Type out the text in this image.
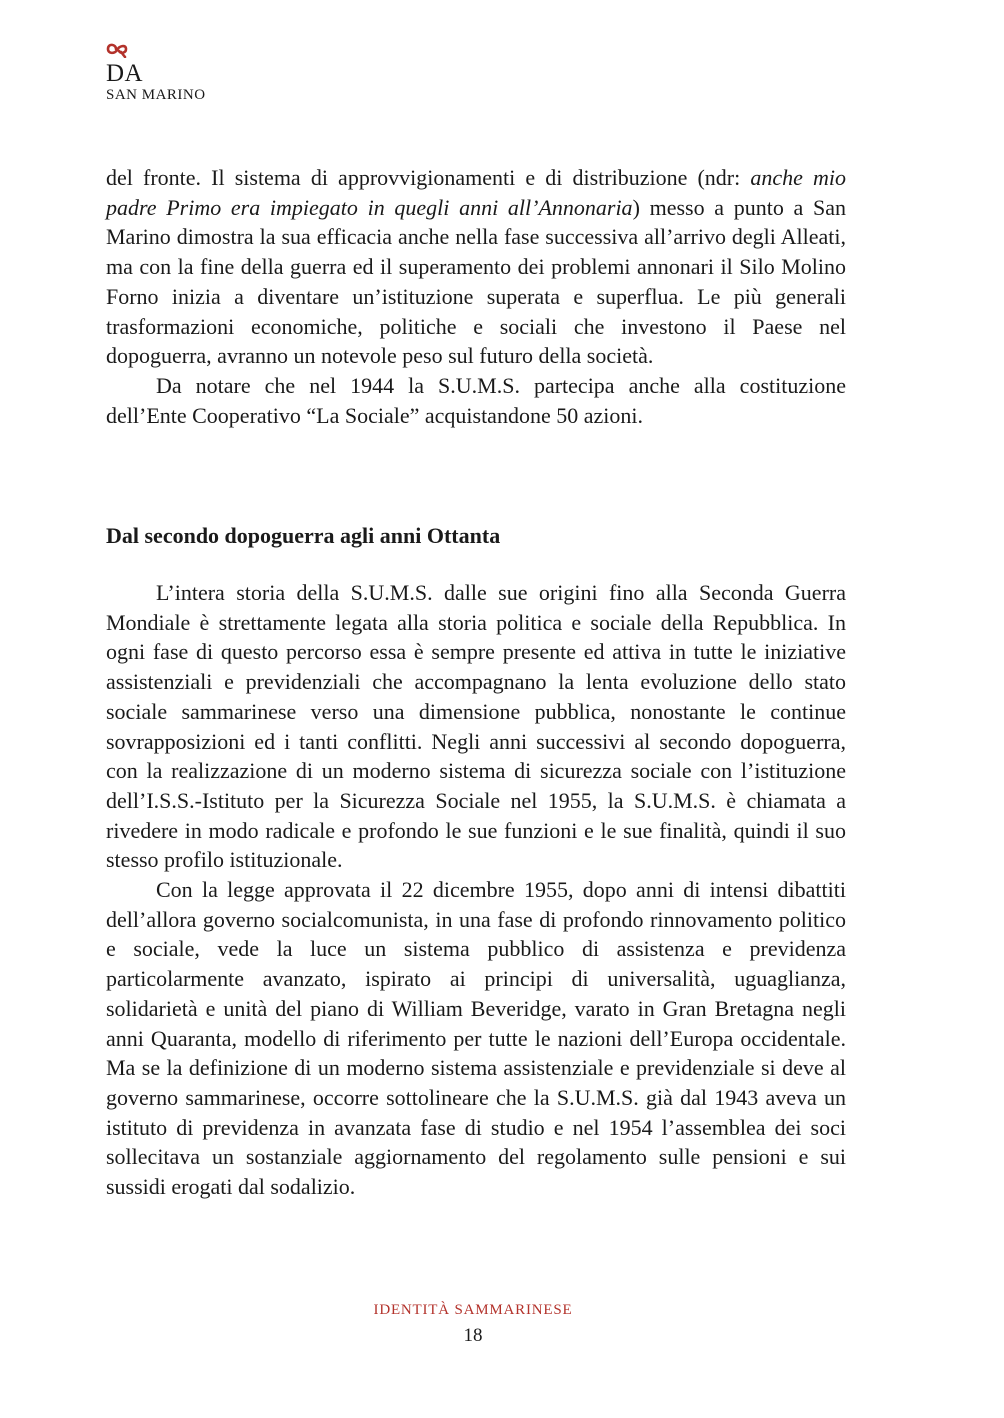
DA

SAN MARINO

del fronte. Il sistema di approvvigionamenti e di distribuzione (ndr: anche mio padre Primo era impiegato in quegli anni all’Annonaria) messo a punto a San Marino dimostra la sua efficacia anche nella fase successiva all’arrivo degli Alleati, ma con la fine della guerra ed il superamento dei problemi annonari il Silo Molino Forno inizia a diventare un’istituzione superata e superflua. Le più generali trasformazioni economiche, politiche e sociali che investono il Paese nel dopoguerra, avranno un notevole peso sul futuro della società.

Da notare che nel 1944 la S.U.M.S. partecipa anche alla costituzione dell’Ente Cooperativo “La Sociale” acquistandone 50 azioni.

Dal secondo dopoguerra agli anni Ottanta

L’intera storia della S.U.M.S. dalle sue origini fino alla Seconda Guerra Mondiale è strettamente legata alla storia politica e sociale della Repubblica. In ogni fase di questo percorso essa è sempre presente ed attiva in tutte le iniziative assistenziali e previdenziali che accompagnano la lenta evoluzione dello stato sociale sammarinese verso una dimensione pubblica, nonostante le continue sovrapposizioni ed i tanti conflitti. Negli anni successivi al secondo dopoguerra, con la realizzazione di un moderno sistema di sicurezza sociale con l’istituzione dell’I.S.S.-Istituto per la Sicurezza Sociale nel 1955, la S.U.M.S. è chiamata a rivedere in modo radicale e profondo le sue funzioni e le sue finalità, quindi il suo stesso profilo istituzionale.

Con la legge approvata il 22 dicembre 1955, dopo anni di intensi dibattiti dell’allora governo socialcomunista, in una fase di profondo rinnovamento politico e sociale, vede la luce un sistema pubblico di assistenza e previdenza particolarmente avanzato, ispirato ai principi di universalità, uguaglianza, solidarietà e unità del piano di William Beveridge, varato in Gran Bretagna negli anni Quaranta, modello di riferimento per tutte le nazioni dell’Europa occidentale. Ma se la definizione di un moderno sistema assistenziale e previdenziale si deve al governo sammarinese, occorre sottolineare che la S.U.M.S. già dal 1943 aveva un istituto di previdenza in avanzata fase di studio e nel 1954 l’assemblea dei soci sollecitava un sostanziale aggiornamento del regolamento sulle pensioni e sui sussidi erogati dal sodalizio.

IDENTITÀ SAMMARINESE

18
